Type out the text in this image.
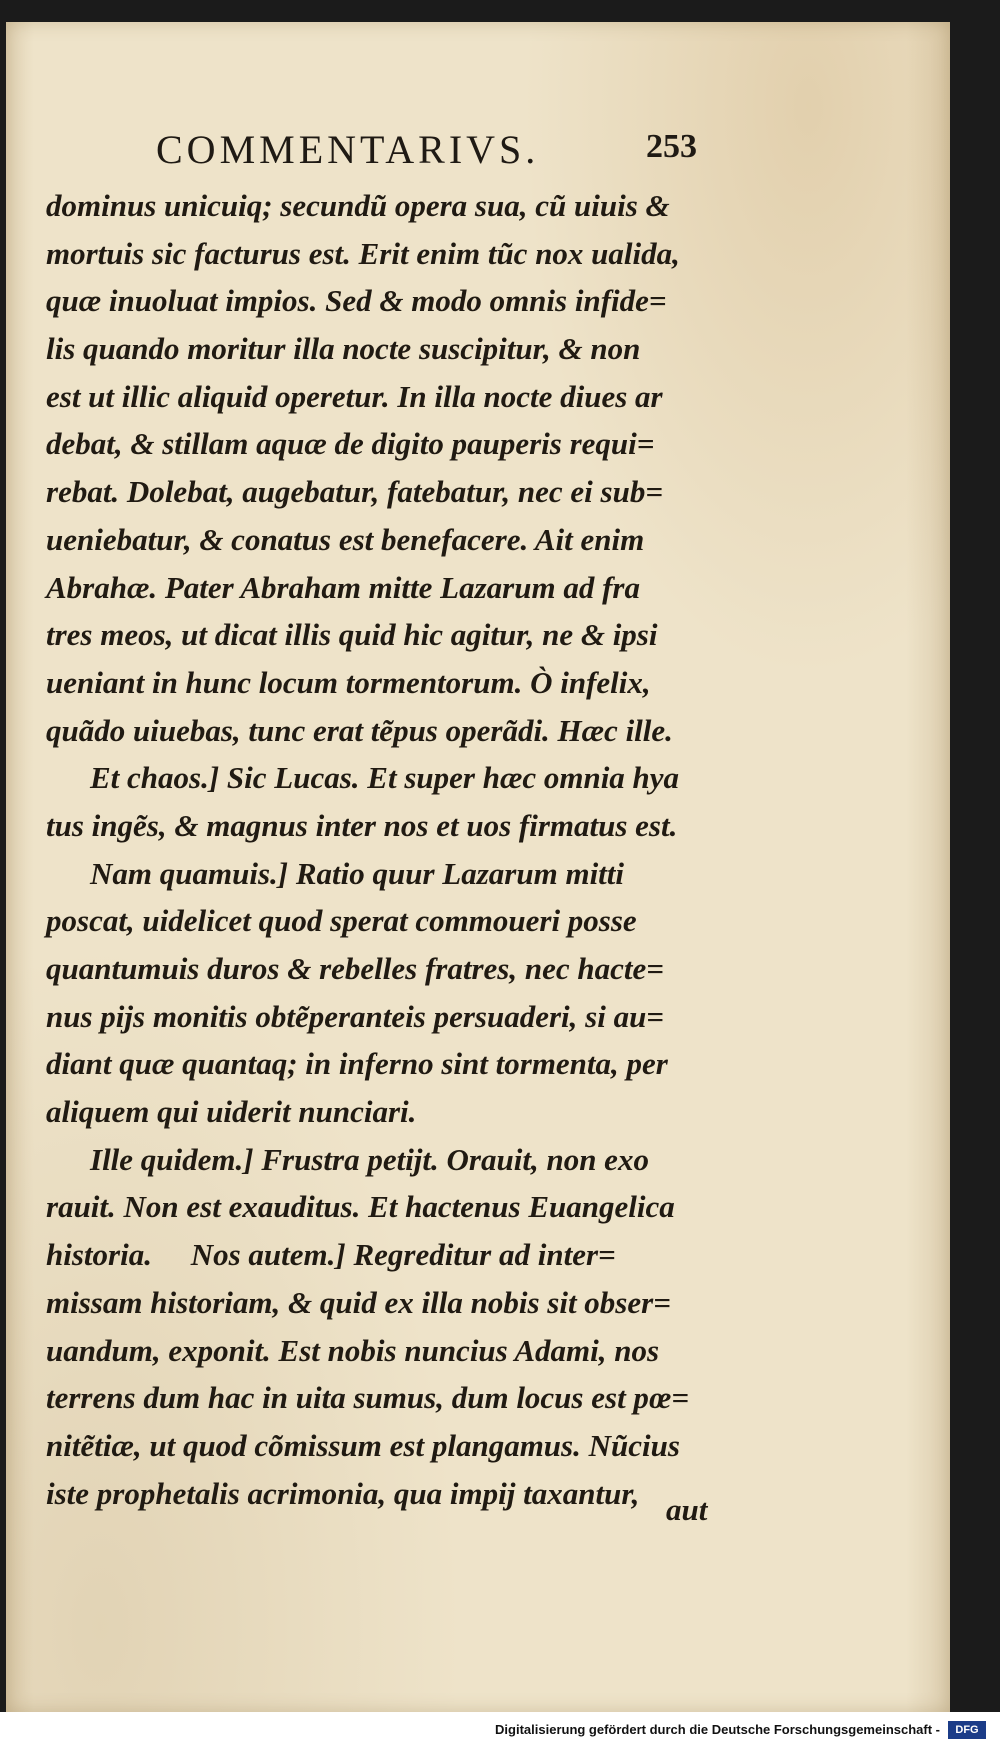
COMMENTARIVS.	253
dominus unicuiq; secundũ opera sua, cũ uiuis &
mortuis sic facturus est. Erit enim tũc nox ualida,
quæ inuoluat impios. Sed & modo omnis infide=
lis quando moritur illa nocte suscipitur, & non
est ut illic aliquid operetur. In illa nocte diues ar
debat, & stillam aquæ de digito pauperis requi=
rebat. Dolebat, augebatur, fatebatur, nec ei sub=
ueniebatur, & conatus est benefacere. Ait enim
Abrahæ. Pater Abraham mitte Lazarum ad fra
tres meos, ut dicat illis quid hic agitur, ne & ipsi
ueniant in hunc locum tormentorum. Ò infelix,
quãdo uiuebas, tunc erat tẽpus operãdi. Hæc ille.
Et chaos.] Sic Lucas. Et super hæc omnia hya
tus ingẽs, & magnus inter nos et uos firmatus est.
Nam quamuis.] Ratio quur Lazarum mitti
poscat, uidelicet quod sperat commoueri posse
quantumuis duros & rebelles fratres, nec hacte=
nus pijs monitis obtẽperanteis persuaderi, si au=
diant quæ quantaq; in inferno sint tormenta, per
aliquem qui uiderit nunciari.
Ille quidem.] Frustra petijt. Orauit, non exo
rauit. Non est exauditus. Et hactenus Euangelica
historia.     Nos autem.] Regreditur ad inter=
missam historiam, & quid ex illa nobis sit obser=
uandum, exponit. Est nobis nuncius Adami, nos
terrens dum hac in uita sumus, dum locus est pœ=
nitẽtiæ, ut quod cõmissum est plangamus. Nũcius
iste prophetalis acrimonia, qua impij taxantur, aut
Digitalisierung gefördert durch die Deutsche Forschungsgemeinschaft -	DFG
